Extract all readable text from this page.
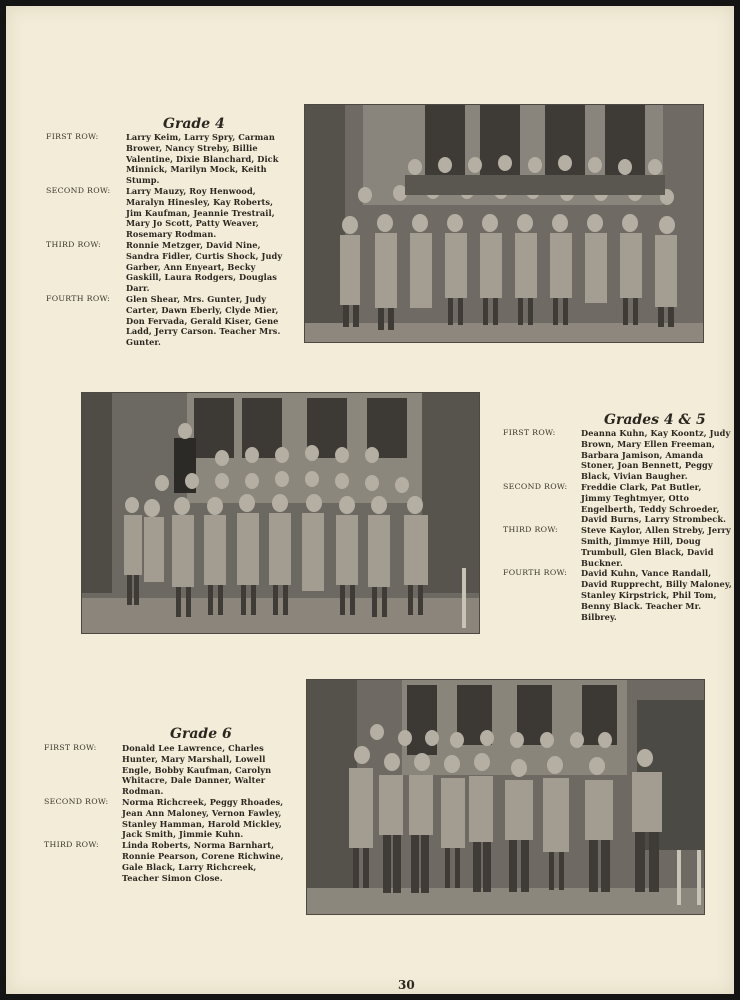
Grade 4
FIRST ROW:	Larry Keim, Larry Spry, Carman Brower, Nancy Streby, Billie Valentine, Dixie Blanchard, Dick Minnick, Marilyn Mock, Keith Stump.
SECOND ROW:	Larry Mauzy, Roy Henwood, Maralyn Hinesley, Kay Roberts, Jim Kaufman, Jeannie Trestrail, Mary Jo Scott, Patty Weaver, Rosemary Rodman.
THIRD ROW:	Ronnie Metzger, David Nine, Sandra Fidler, Curtis Shock, Judy Garber, Ann Enyeart, Becky Gaskill, Laura Rodgers, Douglas Darr.
FOURTH ROW:	Glen Shear, Mrs. Gunter, Judy Carter, Dawn Eberly, Clyde Mier, Don Fervada, Gerald Kiser, Gene Ladd, Jerry Carson. Teacher Mrs. Gunter.
Grades 4 & 5
FIRST ROW:	Deanna Kuhn, Kay Koontz, Judy Brown, Mary Ellen Freeman, Barbara Jamison, Amanda Stoner, Joan Bennett, Peggy Black, Vivian Baugher.
SECOND ROW:	Freddie Clark, Pat Butler, Jimmy Teghtmyer, Otto Engelberth, Teddy Schroeder, David Burns, Larry Strombeck.
THIRD ROW:	Steve Kaylor, Allen Streby, Jerry Smith, Jimmye Hill, Doug Trumbull, Glen Black, David Buckner.
FOURTH ROW:	David Kuhn, Vance Randall, David Rupprecht, Billy Maloney, Stanley Kirpstrick, Phil Tom, Benny Black. Teacher Mr. Bilbrey.
Grade 6
FIRST ROW:	Donald Lee Lawrence, Charles Hunter, Mary Marshall, Lowell Engle, Bobby Kaufman, Carolyn Whitacre, Dale Danner, Walter Rodman.
SECOND ROW:	Norma Richcreek, Peggy Rhoades, Jean Ann Maloney, Vernon Fawley, Stanley Hamman, Harold Mickley, Jack Smith, Jimmie Kuhn.
THIRD ROW:	Linda Roberts, Norma Barnhart, Ronnie Pearson, Corene Richwine, Gale Black, Larry Richcreek, Teacher Simon Close.
30
